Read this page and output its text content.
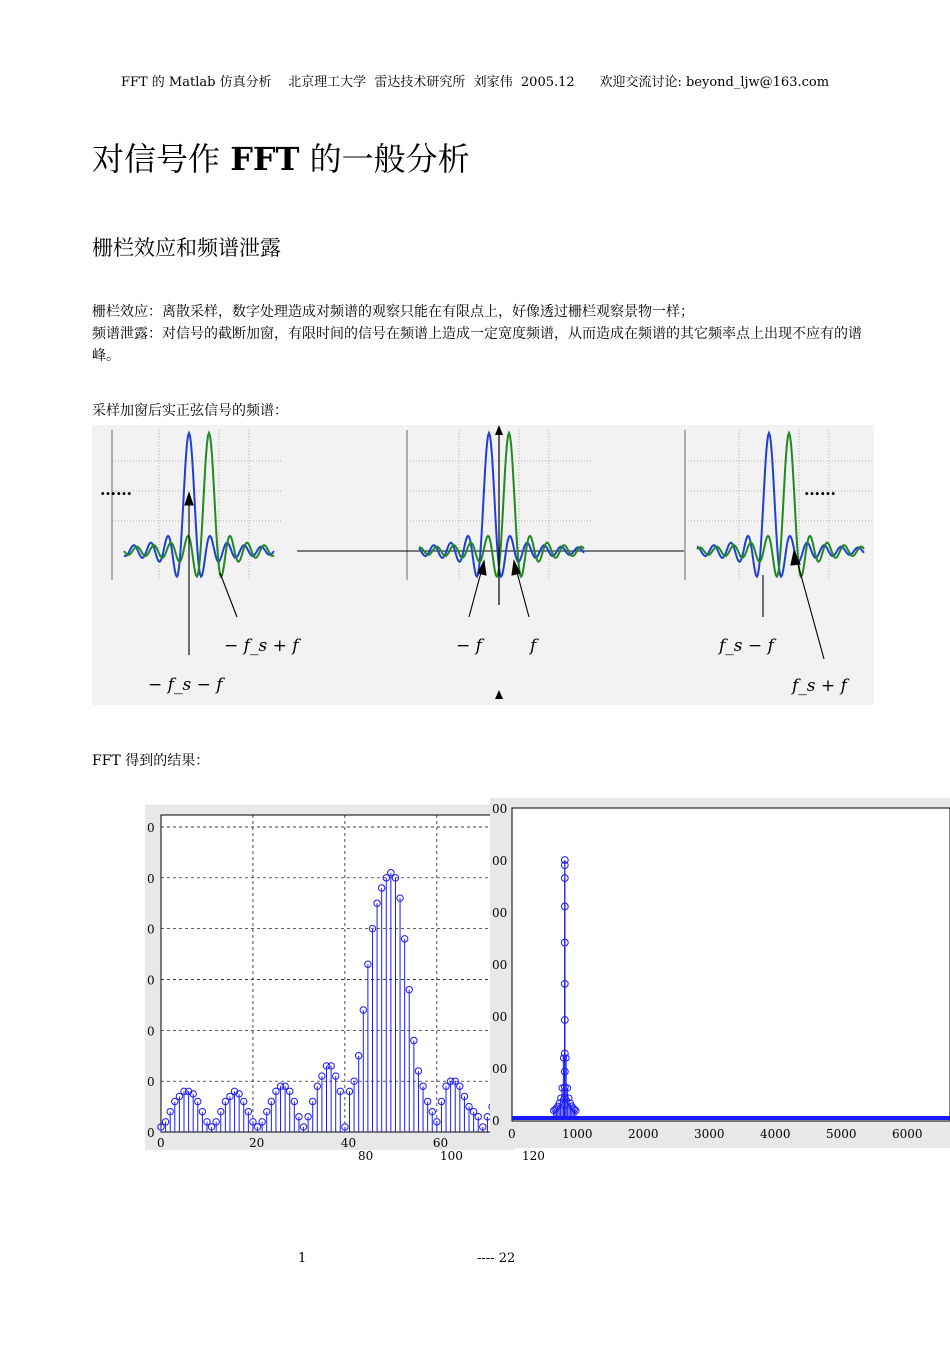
FFT 的 Matlab 仿真分析    北京理工大学  雷达技术研究所  刘家伟  2005.12      欢迎交流讨论: beyond_ljw@163.com
对信号作 FFT 的一般分析
栅栏效应和频谱泄露
栅栏效应：离散采样，数字处理造成对频谱的观察只能在有限点上，好像透过栅栏观察景物一样；
频谱泄露：对信号的截断加窗，有限时间的信号在频谱上造成一定宽度频谱，从而造成在频谱的其它频率点上出现不应有的谱峰。
采样加窗后实正弦信号的频谱：
……	……
− f_s − f
− f_s + f	− f	f	f_s − f
f_s + f
FFT 得到的结果：
0
0
0
0
0
0
0
0	20	40	60
80	100	120
00
00
00
00
00
00
0
0	1000	2000	3000	4000	5000	6000
1	---- 22
